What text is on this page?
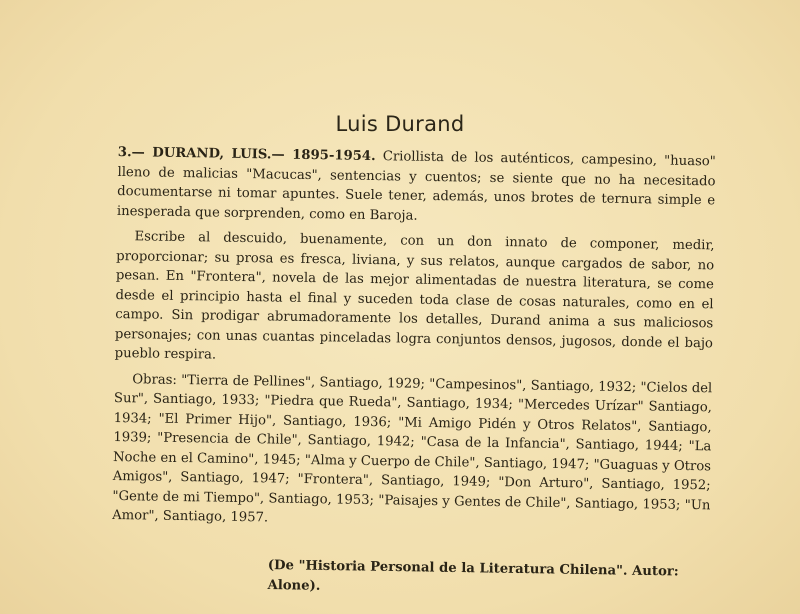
Luis Durand

3.— DURAND, LUIS.— 1895-1954. Criollista de los auténticos, campesino, "huaso" lleno de malicias "Macucas", sentencias y cuentos; se siente que no ha necesitado documentarse ni tomar apuntes. Suele tener, además, unos brotes de ternura simple e inesperada que sorprenden, como en Baroja.

Escribe al descuido, buenamente, con un don innato de componer, medir, proporcionar; su prosa es fresca, liviana, y sus relatos, aunque cargados de sabor, no pesan. En "Frontera", novela de las mejor alimentadas de nuestra literatura, se come desde el principio hasta el final y suceden toda clase de cosas naturales, como en el campo. Sin prodigar abrumadoramente los detalles, Durand anima a sus maliciosos personajes; con unas cuantas pinceladas logra conjuntos densos, jugosos, donde el bajo pueblo respira.

Obras: "Tierra de Pellines", Santiago, 1929; "Campesinos", Santiago, 1932; "Cielos del Sur", Santiago, 1933; "Piedra que Rueda", Santiago, 1934; "Mercedes Urízar" Santiago, 1934; "El Primer Hijo", Santiago, 1936; "Mi Amigo Pidén y Otros Relatos", Santiago, 1939; "Presencia de Chile", Santiago, 1942; "Casa de la Infancia", Santiago, 1944; "La Noche en el Camino", 1945; "Alma y Cuerpo de Chile", Santiago, 1947; "Guaguas y Otros Amigos", Santiago, 1947; "Frontera", Santiago, 1949; "Don Arturo", Santiago, 1952; "Gente de mi Tiempo", Santiago, 1953; "Paisajes y Gentes de Chile", Santiago, 1953; "Un Amor", Santiago, 1957.

(De "Historia Personal de la Literatura Chilena". Autor: Alone).
